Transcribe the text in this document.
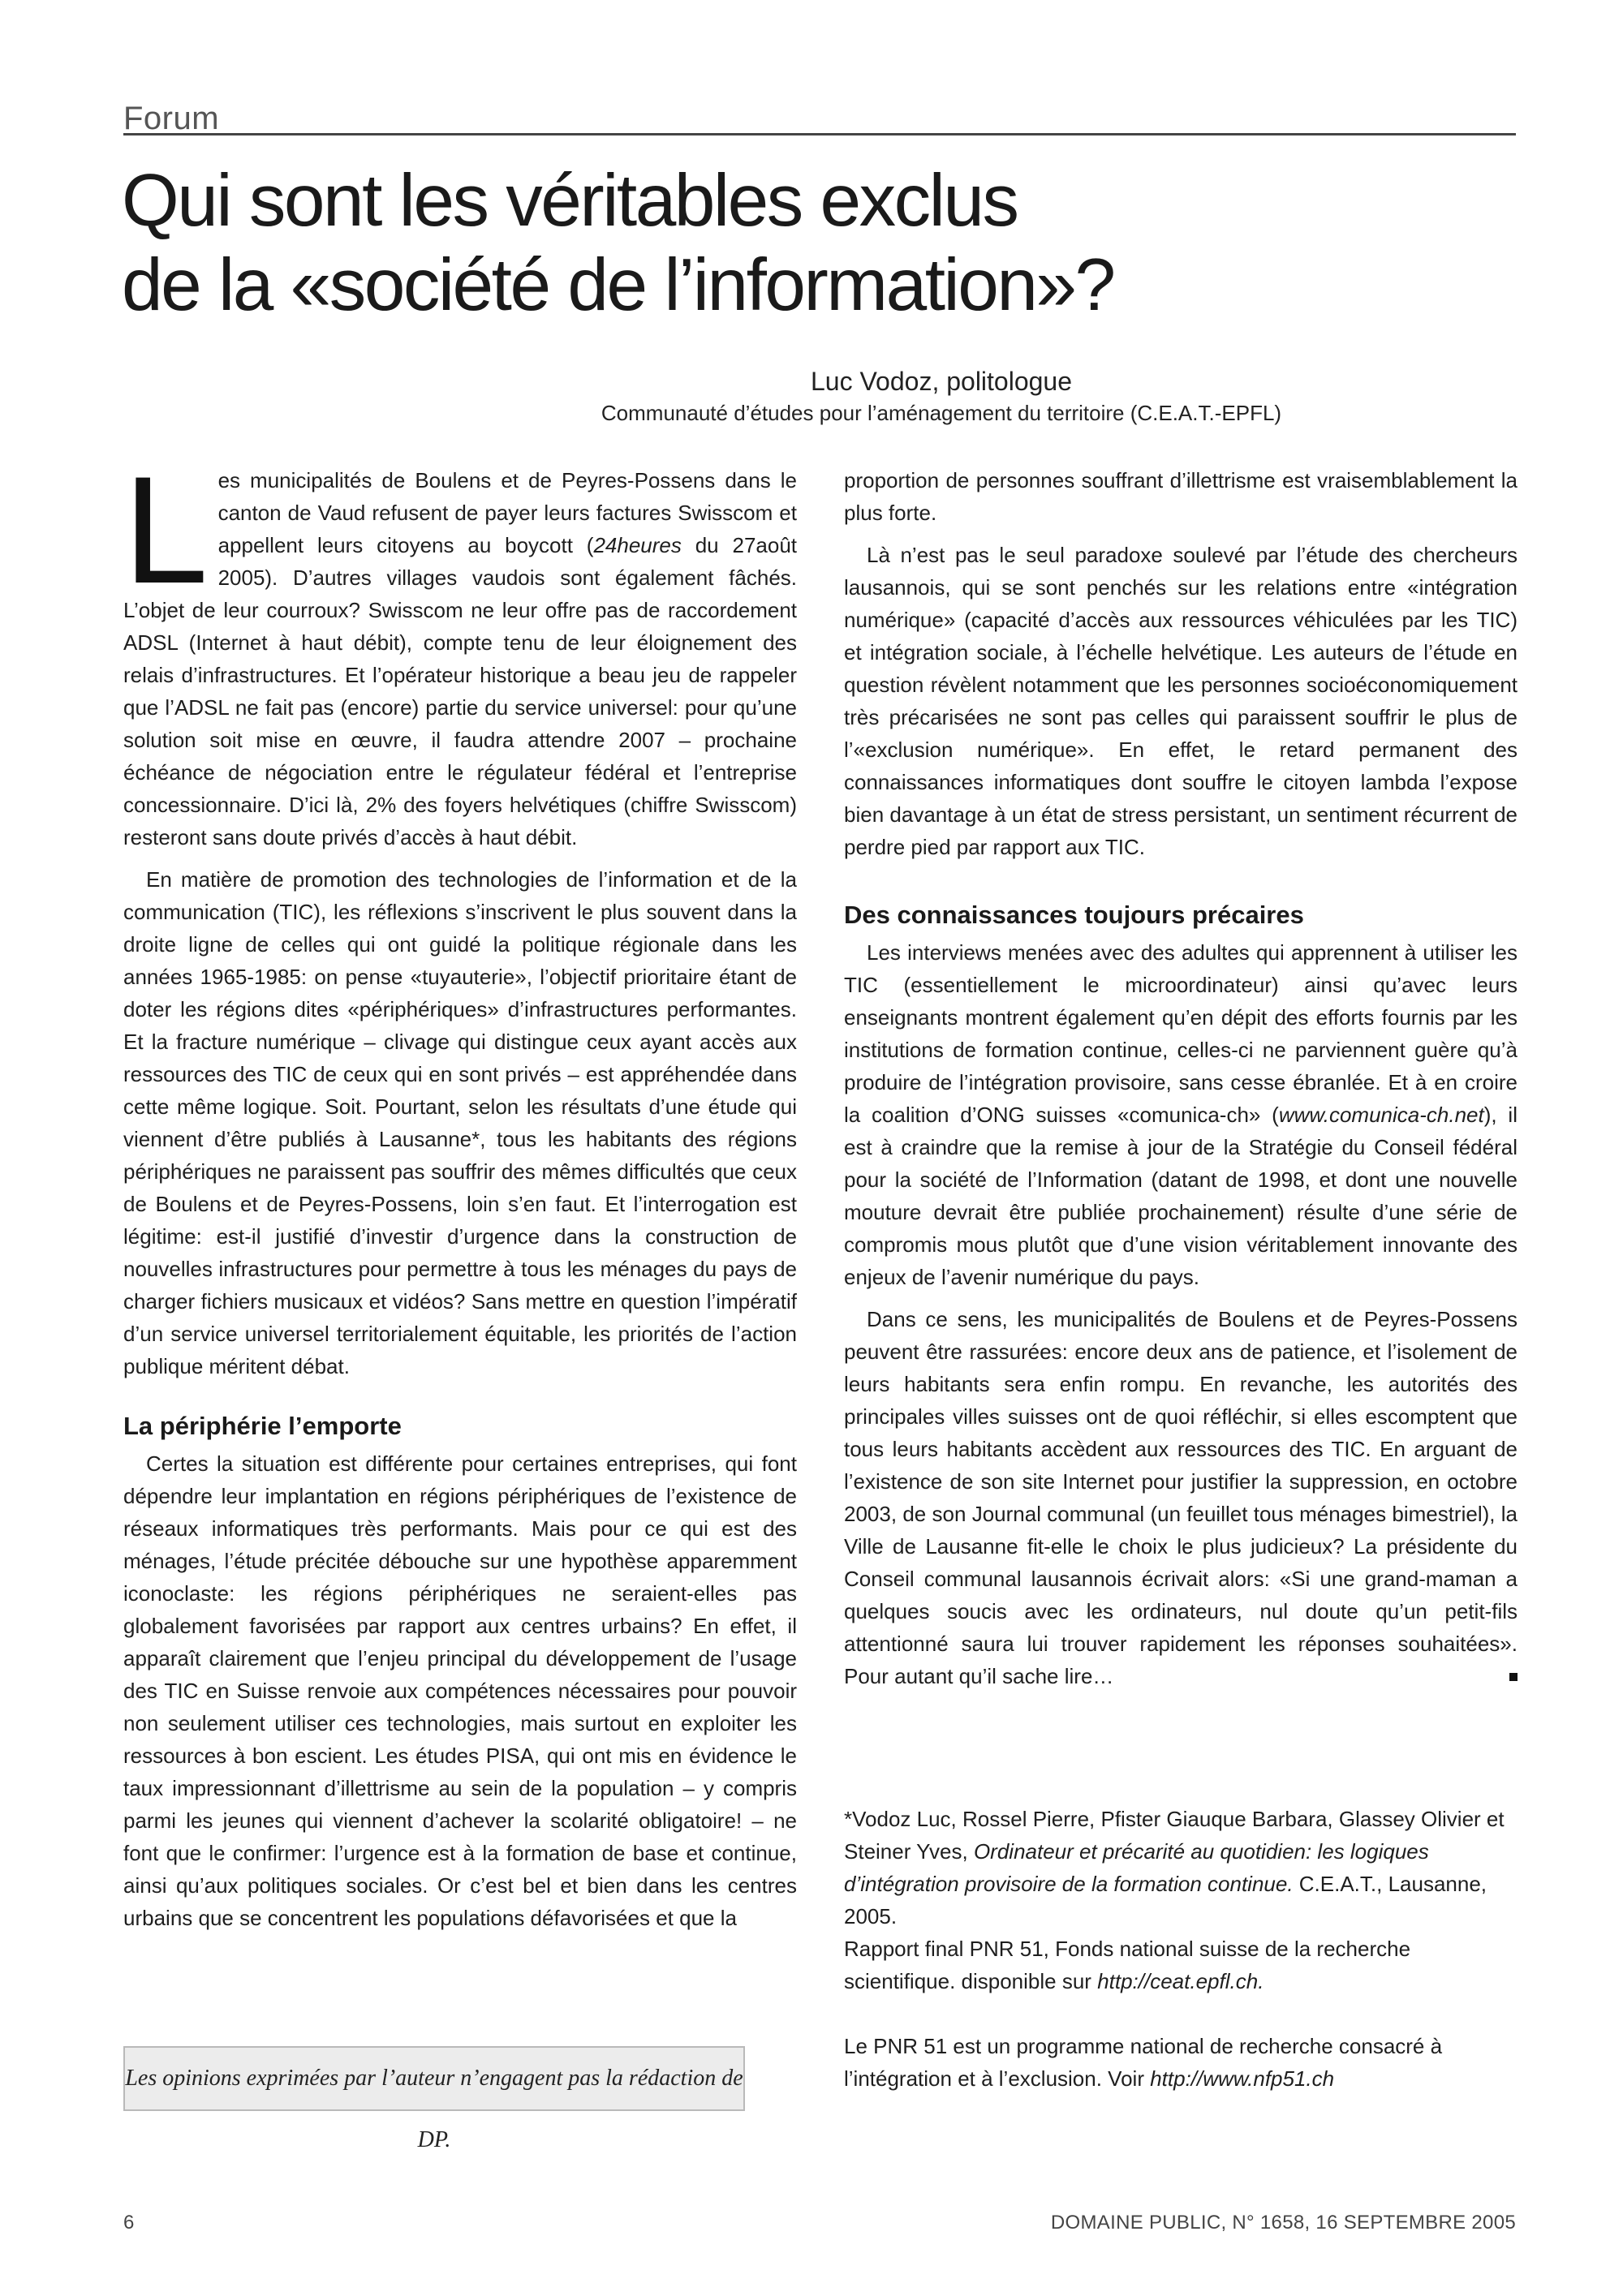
Forum
Qui sont les véritables exclus
de la «société de l’information»?
Luc Vodoz, politologue
Communauté d’études pour l’aménagement du territoire (C.E.A.T.-EPFL)

Les municipalités de Boulens et de Peyres-Possens dans le canton de Vaud refusent de payer leurs factures Swisscom et appellent leurs citoyens au boycott (24heures du 27août 2005). D’autres villages vaudois sont également fâchés. L’objet de leur courroux? Swisscom ne leur offre pas de raccordement ADSL (Internet à haut débit), compte tenu de leur éloignement des relais d’infrastructures. Et l’opérateur historique a beau jeu de rappeler que l’ADSL ne fait pas (encore) partie du service universel: pour qu’une solution soit mise en œuvre, il faudra attendre 2007 – prochaine échéance de négociation entre le régulateur fédéral et l’entreprise concessionnaire. D’ici là, 2% des foyers helvétiques (chiffre Swisscom) resteront sans doute privés d’accès à haut débit.

En matière de promotion des technologies de l’information et de la communication (TIC), les réflexions s’inscrivent le plus souvent dans la droite ligne de celles qui ont guidé la politique régionale dans les années 1965-1985: on pense «tuyauterie», l’objectif prioritaire étant de doter les régions dites «périphériques» d’infrastructures performantes. Et la fracture numérique – clivage qui distingue ceux ayant accès aux ressources des TIC de ceux qui en sont privés – est appréhendée dans cette même logique. Soit. Pourtant, selon les résultats d’une étude qui viennent d’être publiés à Lausanne*, tous les habitants des régions périphériques ne paraissent pas souffrir des mêmes difficultés que ceux de Boulens et de Peyres-Possens, loin s’en faut. Et l’interrogation est légitime: est-il justifié d’investir d’urgence dans la construction de nouvelles infrastructures pour permettre à tous les ménages du pays de charger fichiers musicaux et vidéos? Sans mettre en question l’impératif d’un service universel territorialement équitable, les priorités de l’action publique méritent débat.

La périphérie l’emporte

Certes la situation est différente pour certaines entreprises, qui font dépendre leur implantation en régions périphériques de l’existence de réseaux informatiques très performants. Mais pour ce qui est des ménages, l’étude précitée débouche sur une hypothèse apparemment iconoclaste: les régions périphériques ne seraient-elles pas globalement favorisées par rapport aux centres urbains? En effet, il apparaît clairement que l’enjeu principal du développement de l’usage des TIC en Suisse renvoie aux compétences nécessaires pour pouvoir non seulement utiliser ces technologies, mais surtout en exploiter les ressources à bon escient. Les études PISA, qui ont mis en évidence le taux impressionnant d’illettrisme au sein de la population – y compris parmi les jeunes qui viennent d’achever la scolarité obligatoire! – ne font que le confirmer: l’urgence est à la formation de base et continue, ainsi qu’aux politiques sociales. Or c’est bel et bien dans les centres urbains que se concentrent les populations défavorisées et que la

proportion de personnes souffrant d’illettrisme est vraisemblablement la plus forte.

Là n’est pas le seul paradoxe soulevé par l’étude des chercheurs lausannois, qui se sont penchés sur les relations entre «intégration numérique» (capacité d’accès aux ressources véhiculées par les TIC) et intégration sociale, à l’échelle helvétique. Les auteurs de l’étude en question révèlent notamment que les personnes socioéconomiquement très précarisées ne sont pas celles qui paraissent souffrir le plus de l’«exclusion numérique». En effet, le retard permanent des connaissances informatiques dont souffre le citoyen lambda l’expose bien davantage à un état de stress persistant, un sentiment récurrent de perdre pied par rapport aux TIC.

Des connaissances toujours précaires

Les interviews menées avec des adultes qui apprennent à utiliser les TIC (essentiellement le microordinateur) ainsi qu’avec leurs enseignants montrent également qu’en dépit des efforts fournis par les institutions de formation continue, celles-ci ne parviennent guère qu’à produire de l’intégration provisoire, sans cesse ébranlée. Et à en croire la coalition d’ONG suisses «comunica-ch» (www.comunica-ch.net), il est à craindre que la remise à jour de la Stratégie du Conseil fédéral pour la société de l’Information (datant de 1998, et dont une nouvelle mouture devrait être publiée prochainement) résulte d’une série de compromis mous plutôt que d’une vision véritablement innovante des enjeux de l’avenir numérique du pays.

Dans ce sens, les municipalités de Boulens et de Peyres-Possens peuvent être rassurées: encore deux ans de patience, et l’isolement de leurs habitants sera enfin rompu. En revanche, les autorités des principales villes suisses ont de quoi réfléchir, si elles escomptent que tous leurs habitants accèdent aux ressources des TIC. En arguant de l’existence de son site Internet pour justifier la suppression, en octobre 2003, de son Journal communal (un feuillet tous ménages bimestriel), la Ville de Lausanne fit-elle le choix le plus judicieux? La présidente du Conseil communal lausannois écrivait alors: «Si une grand-maman a quelques soucis avec les ordinateurs, nul doute qu’un petit-fils attentionné saura lui trouver rapidement les réponses souhaitées». Pour autant qu’il sache lire…

*Vodoz Luc, Rossel Pierre, Pfister Giauque Barbara, Glassey Olivier et Steiner Yves, Ordinateur et précarité au quotidien: les logiques d’intégration provisoire de la formation continue. C.E.A.T., Lausanne, 2005.
Rapport final PNR 51, Fonds national suisse de la recherche scientifique. disponible sur http://ceat.epfl.ch.

Le PNR 51 est un programme national de recherche consacré à l’intégration et à l’exclusion. Voir http://www.nfp51.ch

Les opinions exprimées par l’auteur n’engagent pas la rédaction de DP.
6	DOMAINE PUBLIC, N° 1658, 16 SEPTEMBRE 2005
